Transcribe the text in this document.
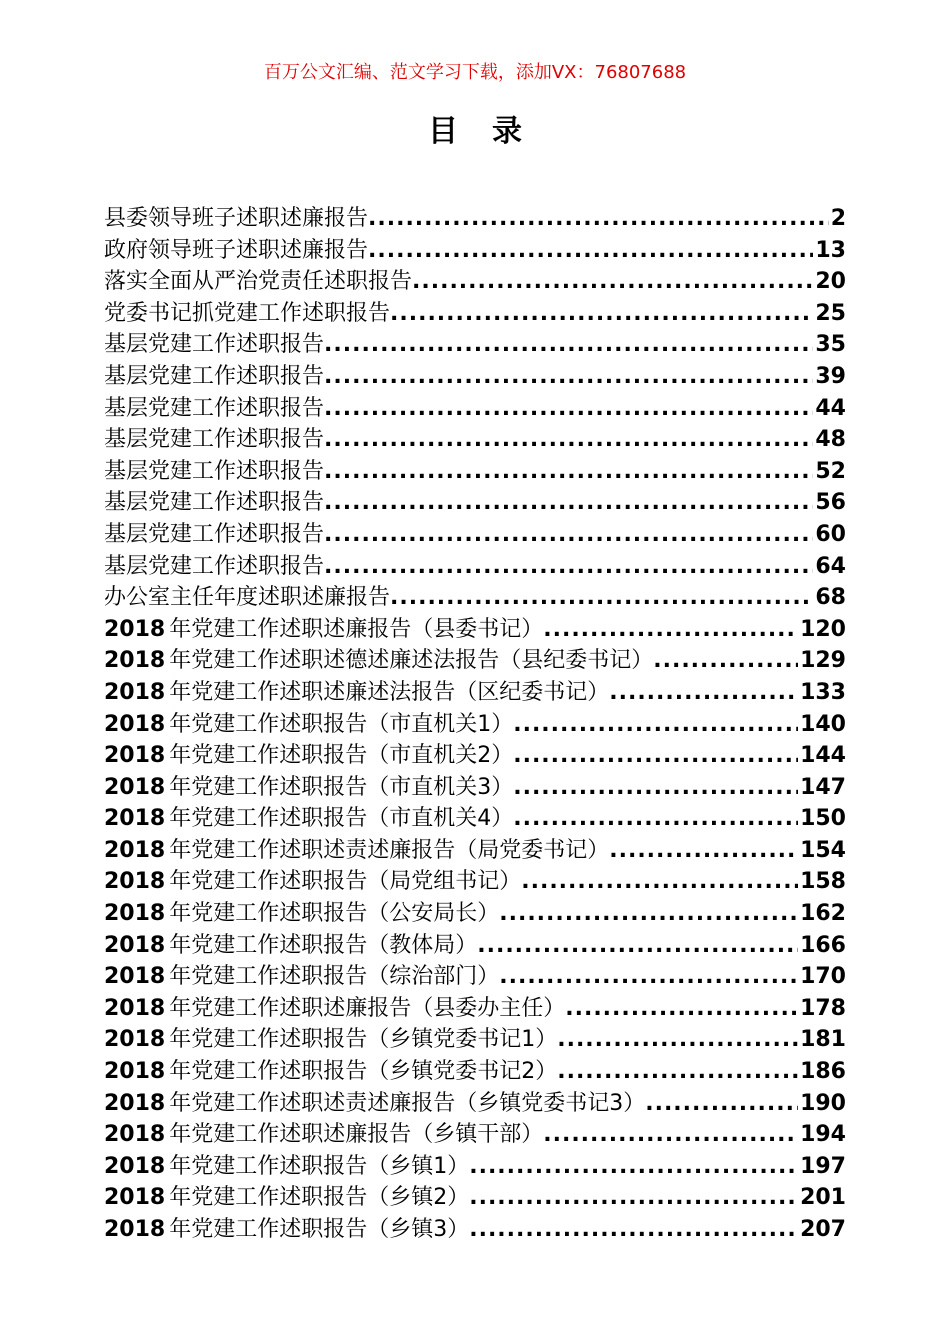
百万公文汇编、范文学习下载，添加VX：76807688
目录
县委领导班子述职述廉报告 .....	2
政府领导班子述职述廉报告 .....	13
落实全面从严治党责任述职报告 .....	20
党委书记抓党建工作述职报告 .....	25
基层党建工作述职报告 .....	35
基层党建工作述职报告 .....	39
基层党建工作述职报告 .....	44
基层党建工作述职报告 .....	48
基层党建工作述职报告 .....	52
基层党建工作述职报告 .....	56
基层党建工作述职报告 .....	60
基层党建工作述职报告 .....	64
办公室主任年度述职述廉报告 .....	68
2018 年党建工作述职述廉报告（县委书记） .....	120
2018 年党建工作述职述德述廉述法报告（县纪委书记） .....	129
2018 年党建工作述职述廉述法报告（区纪委书记） .....	133
2018 年党建工作述职报告（市直机关1） .....	140
2018 年党建工作述职报告（市直机关2） .....	144
2018 年党建工作述职报告（市直机关3） .....	147
2018 年党建工作述职报告（市直机关4） .....	150
2018 年党建工作述职述责述廉报告（局党委书记） .....	154
2018 年党建工作述职报告（局党组书记） .....	158
2018 年党建工作述职报告（公安局长） .....	162
2018 年党建工作述职报告（教体局） .....	166
2018 年党建工作述职报告（综治部门） .....	170
2018 年党建工作述职述廉报告（县委办主任） .....	178
2018 年党建工作述职报告（乡镇党委书记1） .....	181
2018 年党建工作述职报告（乡镇党委书记2） .....	186
2018 年党建工作述职述责述廉报告（乡镇党委书记3） .....	190
2018 年党建工作述职述廉报告（乡镇干部） .....	194
2018 年党建工作述职报告（乡镇1） .....	197
2018 年党建工作述职报告（乡镇2） .....	201
2018 年党建工作述职报告（乡镇3） .....	207
